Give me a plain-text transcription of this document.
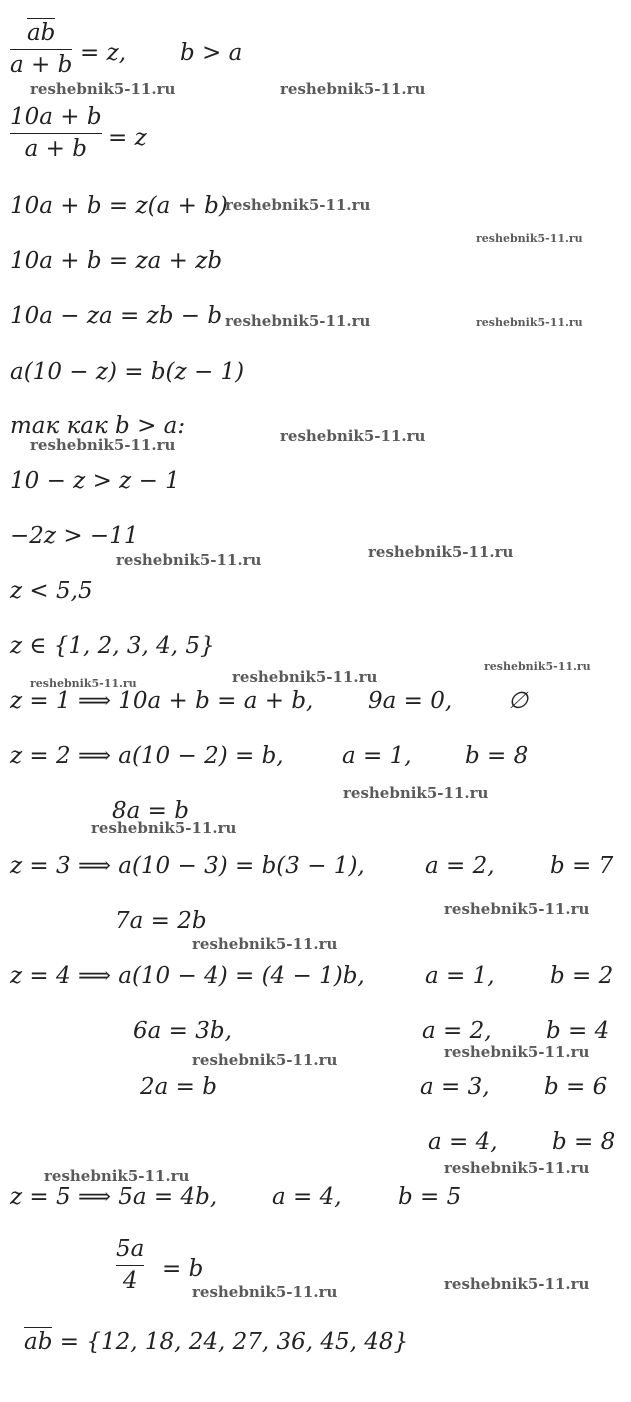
ab
a + b = z, b > a
10a + b
a + b = z
10a + b = z(a + b)
10a + b = za + zb
10a − za = zb − b
a(10 − z) = b(z − 1)
так как b > a:
10 − z > z − 1
−2z > −11
z < 5,5
z ∈ {1, 2, 3, 4, 5}
z = 1 ⟹ 10a + b = a + b, 9a = 0, ∅
z = 2 ⟹ a(10 − 2) = b,	a = 1, b = 8
8a = b
z = 3 ⟹ a(10 − 3) = b(3 − 1),	a = 2, b = 7
7a = 2b
z = 4 ⟹ a(10 − 4) = (4 − 1)b,	a = 1, b = 2
6a = 3b,	a = 2, b = 4
2a = b	a = 3, b = 6
a = 4, b = 8
z = 5 ⟹ 5a = 4b, a = 4, b = 5
5a
4 = b
ab = {12, 18, 24, 27, 36, 45, 48}
reshebnik5-11.ru	reshebnik5-11.ru
reshebnik5-11.ru
reshebnik5-11.ru
reshebnik5-11.ru	reshebnik5-11.ru
reshebnik5-11.ru	reshebnik5-11.ru
reshebnik5-11.ru
reshebnik5-11.ru
reshebnik5-11.ru
reshebnik5-11.ru
reshebnik5-11.ru
reshebnik5-11.ru
reshebnik5-11.ru
reshebnik5-11.ru
reshebnik5-11.ru
reshebnik5-11.ru
reshebnik5-11.ru
reshebnik5-11.ru
reshebnik5-11.ru
reshebnik5-11.ru
reshebnik5-11.ru
